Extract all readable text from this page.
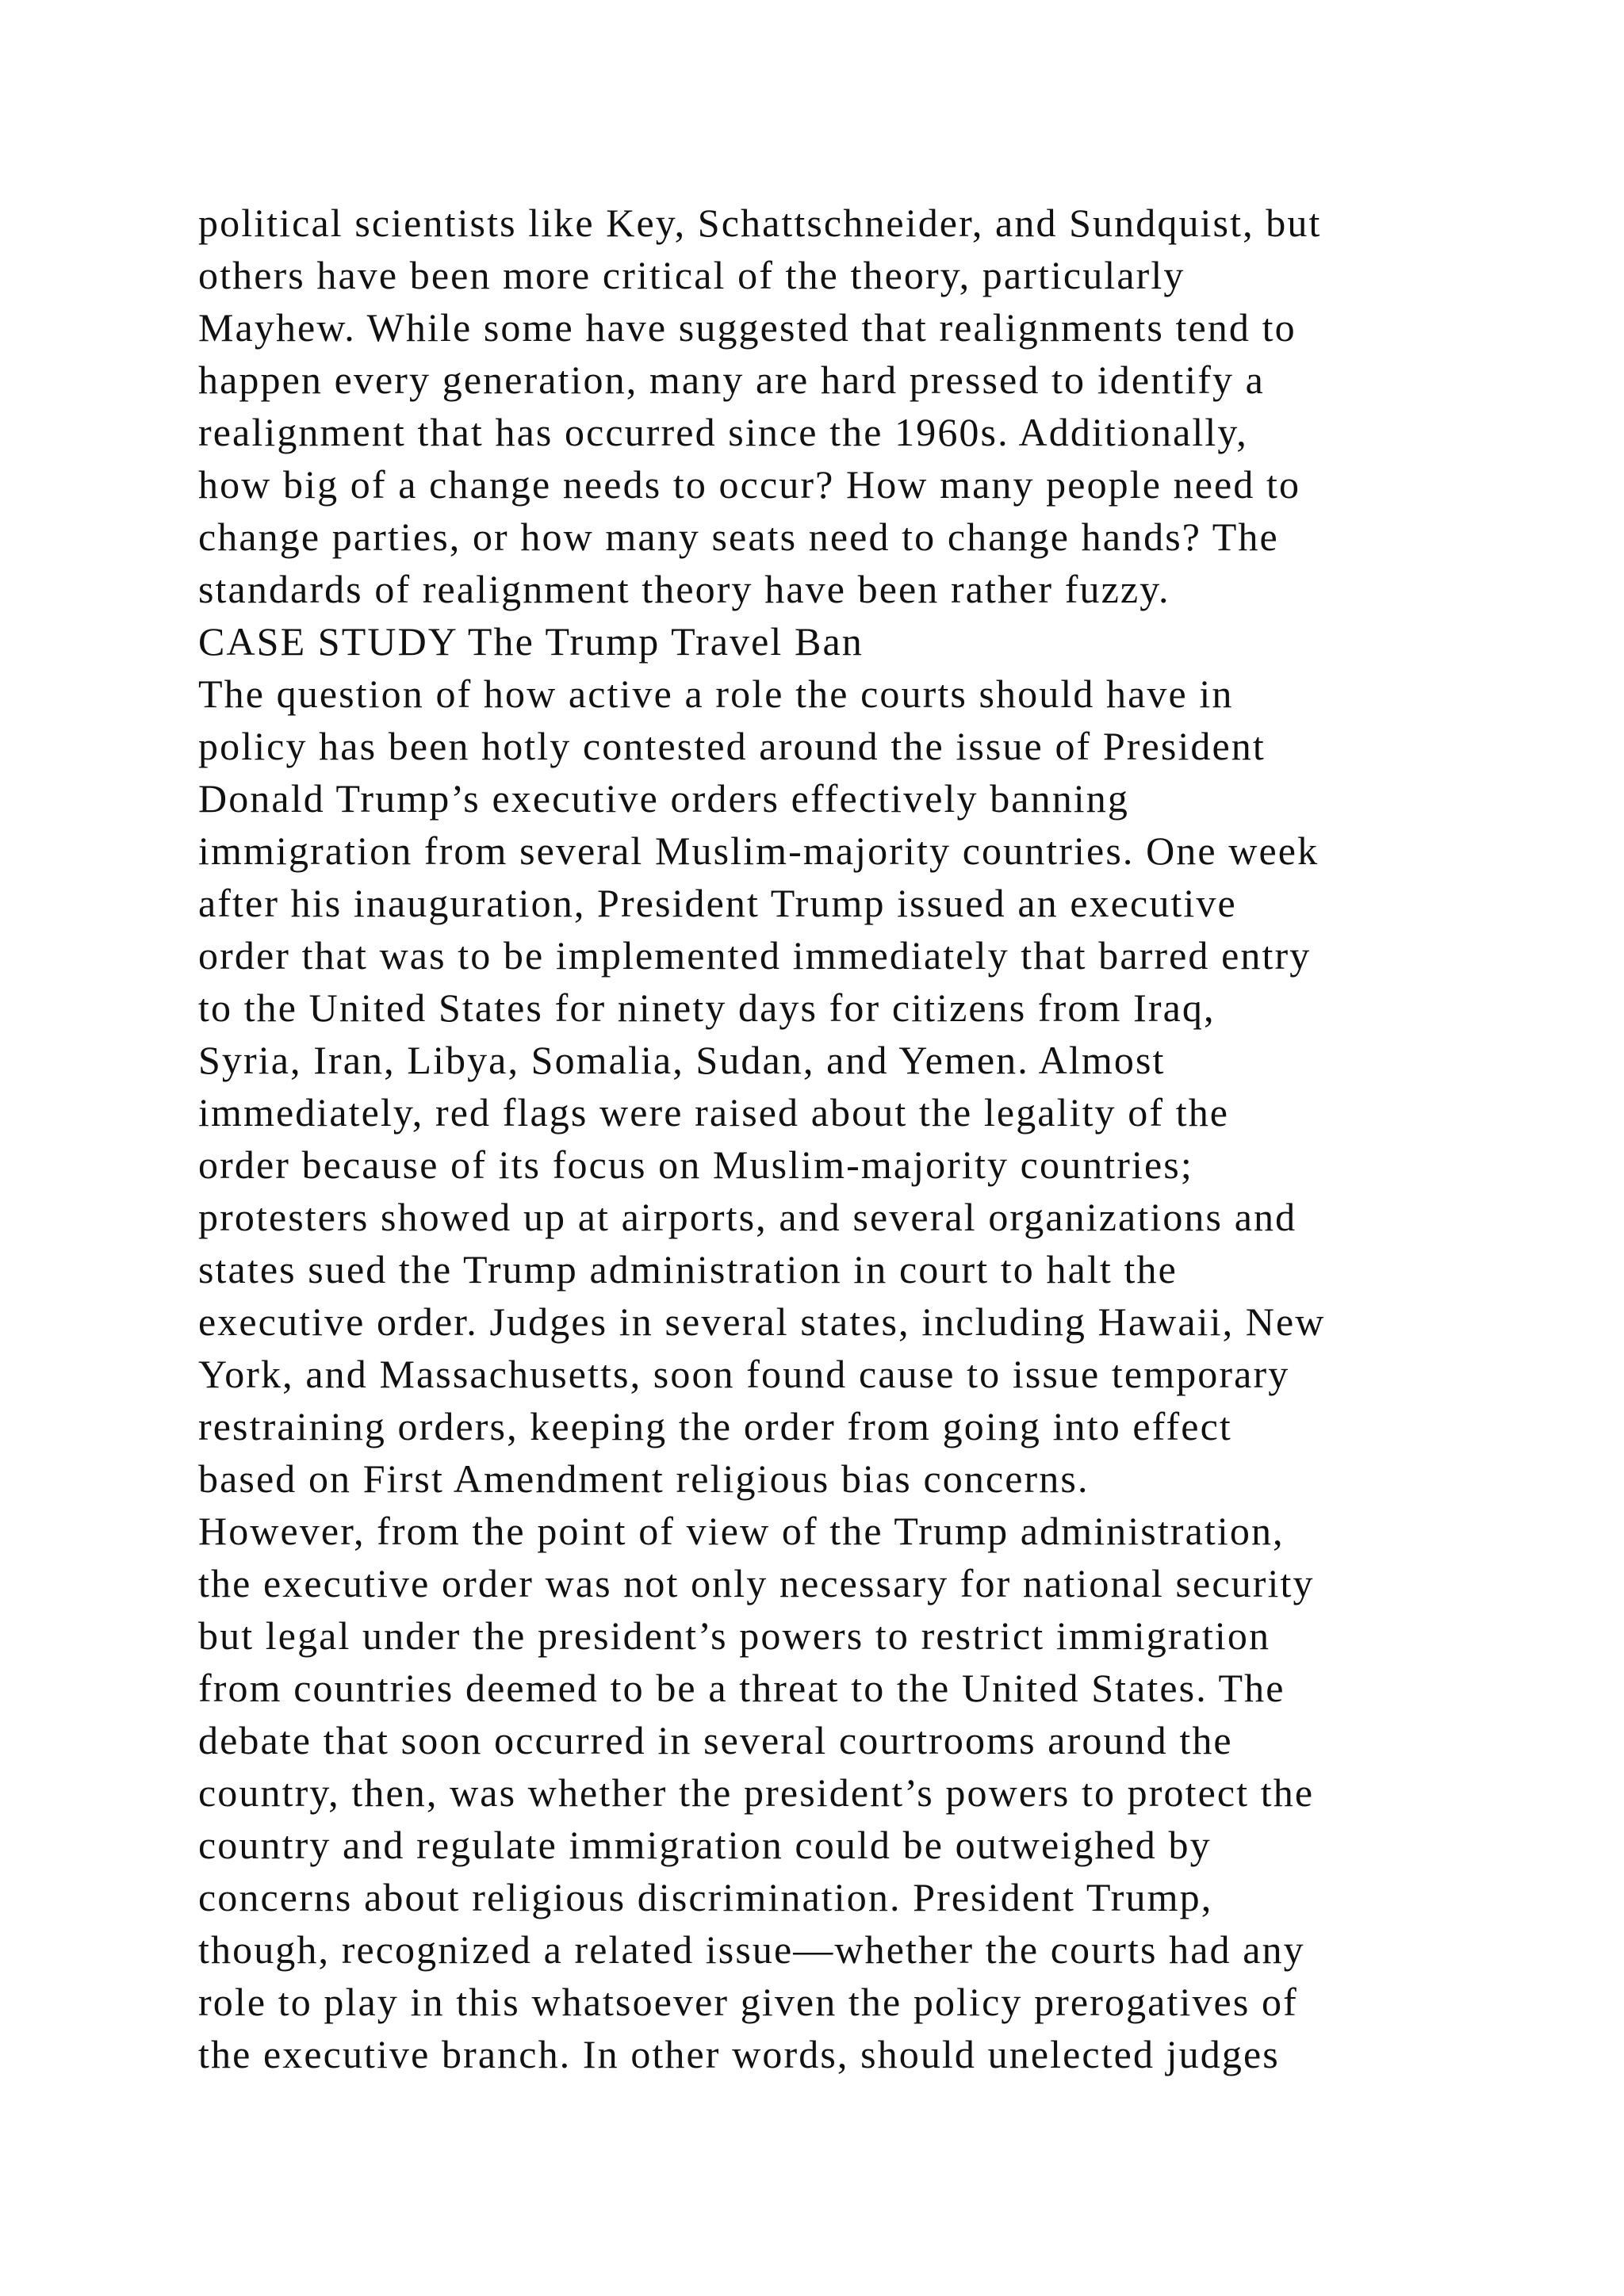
political scientists like Key, Schattschneider, and Sundquist, but
others have been more critical of the theory, particularly
Mayhew. While some have suggested that realignments tend to
happen every generation, many are hard pressed to identify a
realignment that has occurred since the 1960s. Additionally,
how big of a change needs to occur? How many people need to
change parties, or how many seats need to change hands? The
standards of realignment theory have been rather fuzzy.
CASE STUDY The Trump Travel Ban
The question of how active a role the courts should have in
policy has been hotly contested around the issue of President
Donald Trump’s executive orders effectively banning
immigration from several Muslim-majority countries. One week
after his inauguration, President Trump issued an executive
order that was to be implemented immediately that barred entry
to the United States for ninety days for citizens from Iraq,
Syria, Iran, Libya, Somalia, Sudan, and Yemen. Almost
immediately, red flags were raised about the legality of the
order because of its focus on Muslim-majority countries;
protesters showed up at airports, and several organizations and
states sued the Trump administration in court to halt the
executive order. Judges in several states, including Hawaii, New
York, and Massachusetts, soon found cause to issue temporary
restraining orders, keeping the order from going into effect
based on First Amendment religious bias concerns.
However, from the point of view of the Trump administration,
the executive order was not only necessary for national security
but legal under the president’s powers to restrict immigration
from countries deemed to be a threat to the United States. The
debate that soon occurred in several courtrooms around the
country, then, was whether the president’s powers to protect the
country and regulate immigration could be outweighed by
concerns about religious discrimination. President Trump,
though, recognized a related issue—whether the courts had any
role to play in this whatsoever given the policy prerogatives of
the executive branch. In other words, should unelected judges
